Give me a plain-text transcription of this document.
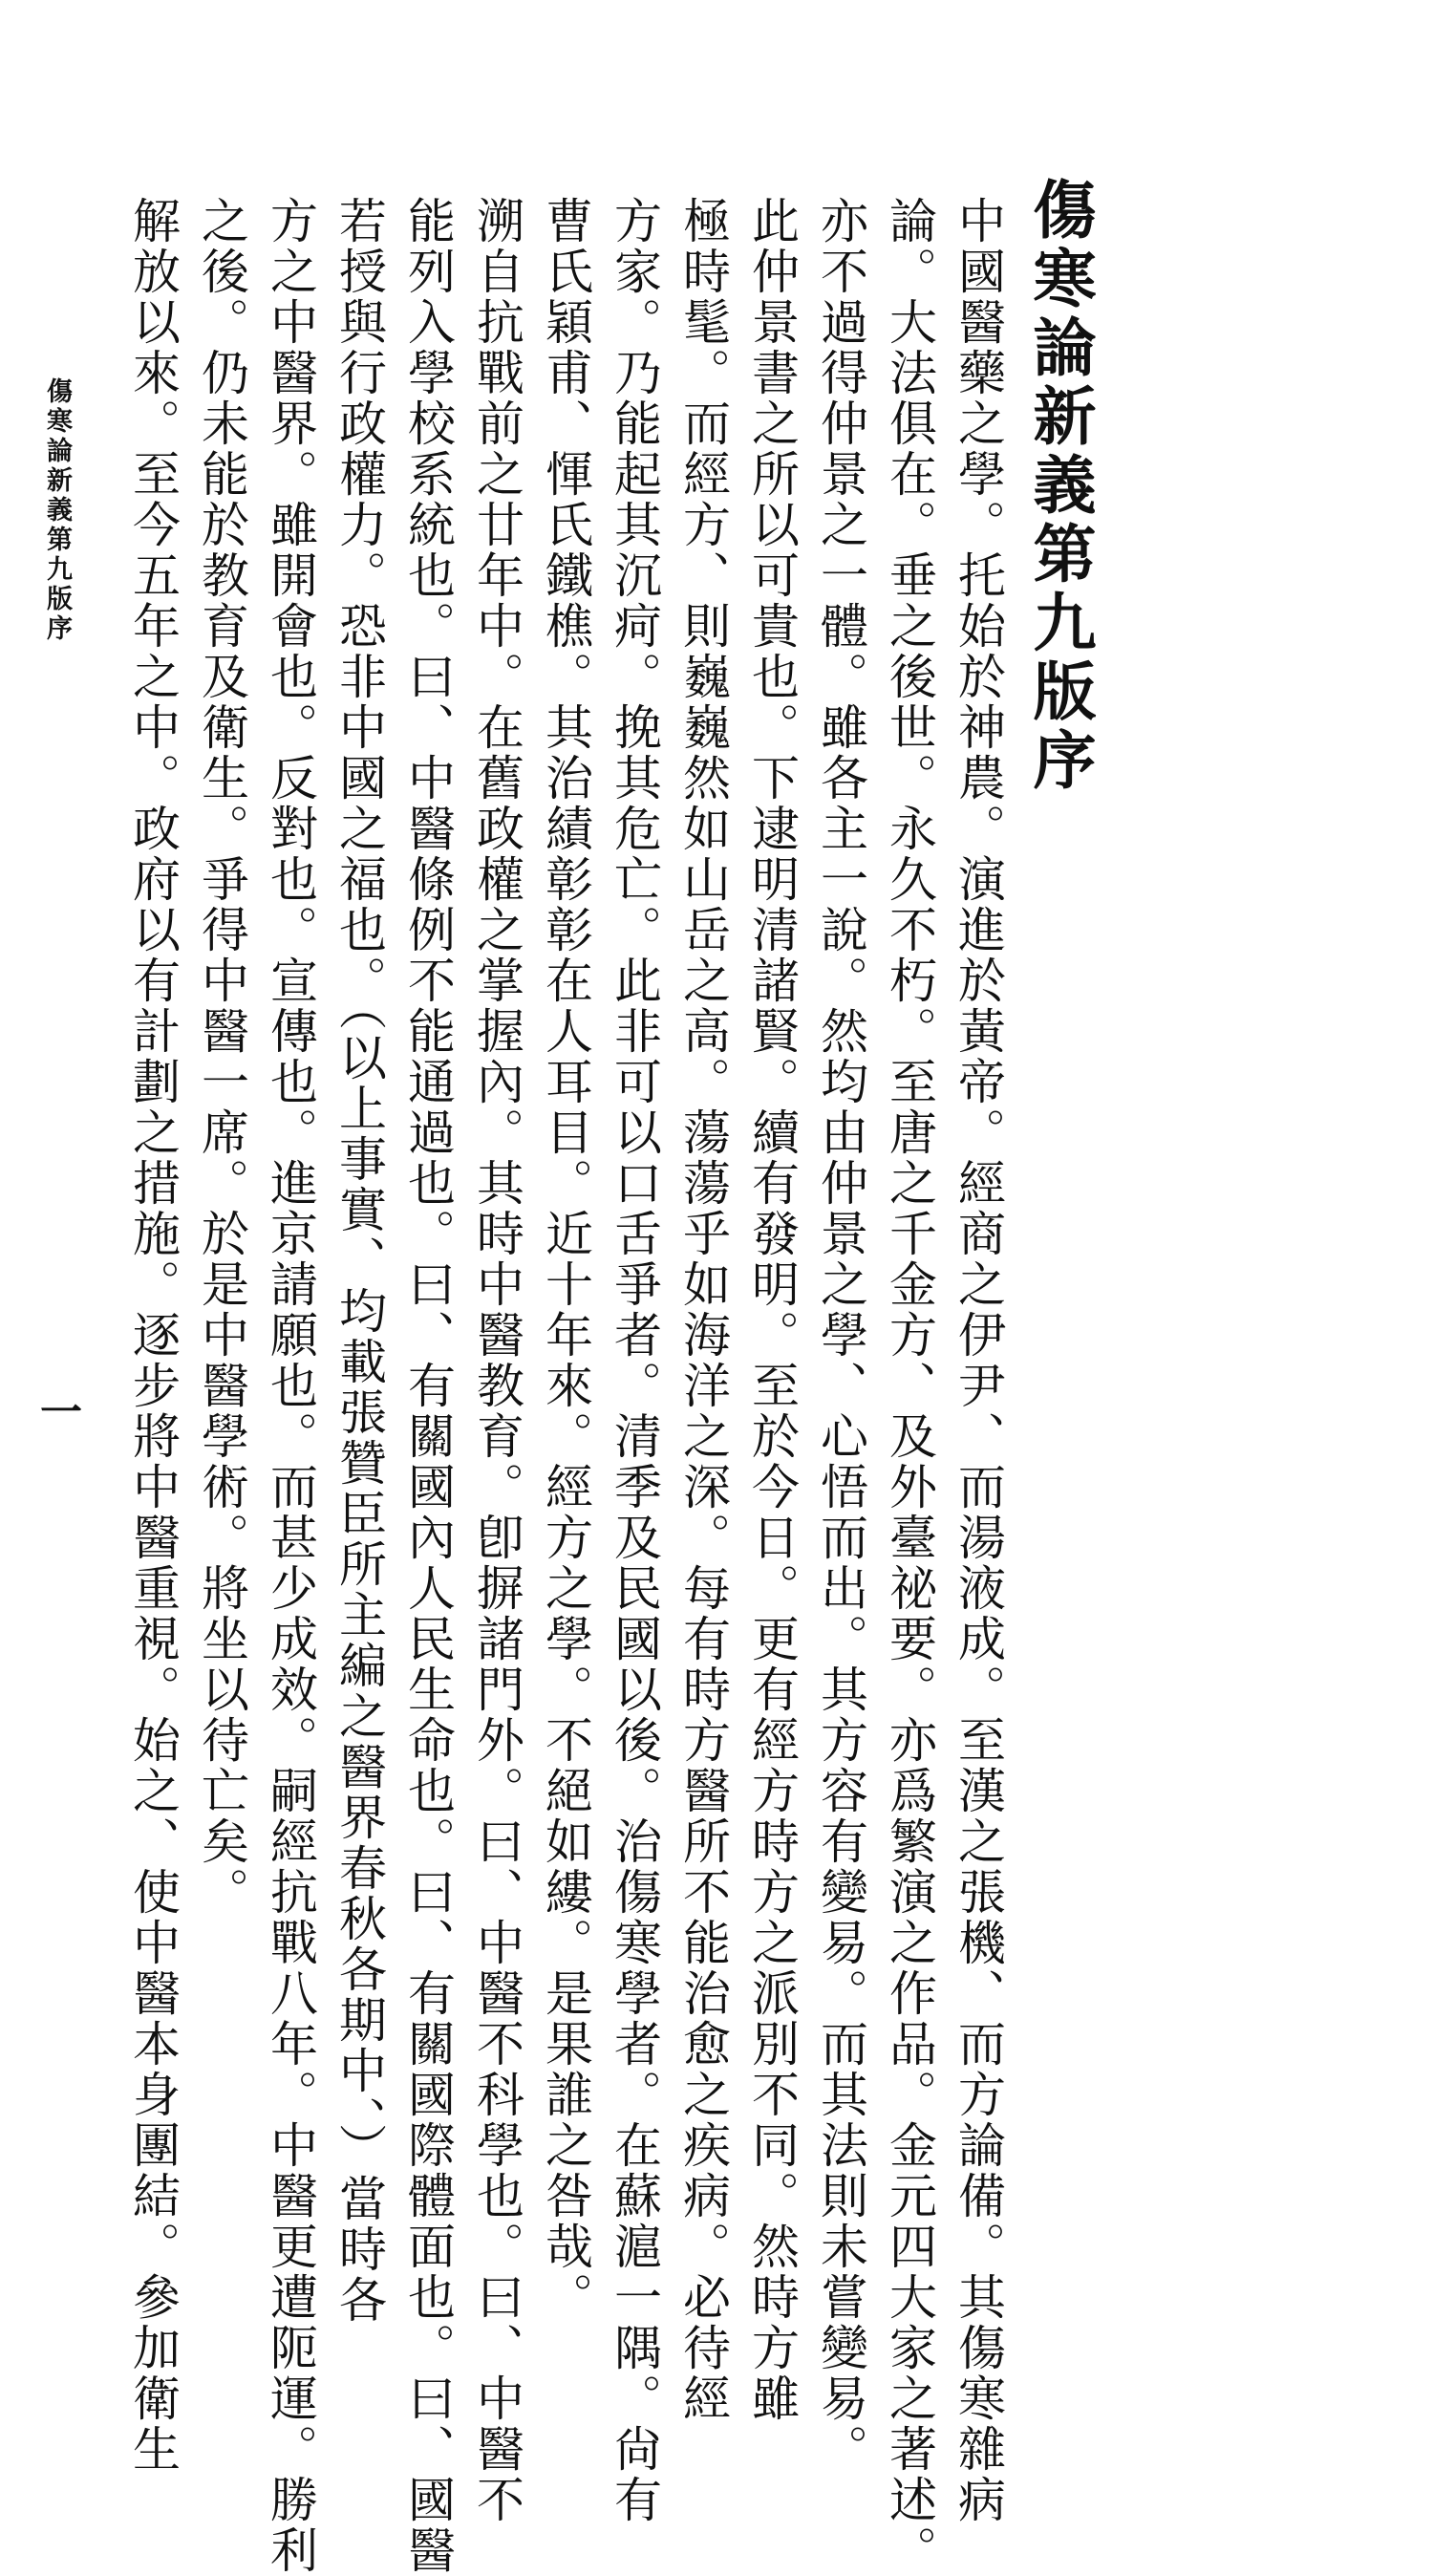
傷寒論新義第九版序
中國醫藥之學。托始於神農。演進於黃帝。經商之伊尹、而湯液成。至漢之張機、而方論備。其傷寒雜病
論。大法俱在。垂之後世。永久不朽。至唐之千金方、及外臺祕要。亦爲繁演之作品。金元四大家之著述。
亦不過得仲景之一體。雖各主一說。然均由仲景之學、心悟而出。其方容有變易。而其法則未嘗變易。
此仲景書之所以可貴也。下逮明清諸賢。續有發明。至於今日。更有經方時方之派別不同。然時方雖
極時髦。而經方、則巍巍然如山岳之高。蕩蕩乎如海洋之深。每有時方醫所不能治愈之疾病。必待經
方家。乃能起其沉疴。挽其危亡。此非可以口舌爭者。清季及民國以後。治傷寒學者。在蘇滬一隅。尙有
曹氏穎甫、惲氏鐵樵。其治績彰彰在人耳目。近十年來。經方之學。不絕如縷。是果誰之咎哉。
溯自抗戰前之廿年中。在舊政權之掌握內。其時中醫教育。卽摒諸門外。曰、中醫不科學也。曰、中醫不
能列入學校系統也。曰、中醫條例不能通過也。曰、有關國內人民生命也。曰、有關國際體面也。曰、國醫
若授與行政權力。恐非中國之福也。（以上事實、均載張贊臣所主編之醫界春秋各期中、）當時各
方之中醫界。雖開會也。反對也。宣傳也。進京請願也。而甚少成效。嗣經抗戰八年。中醫更遭阨運。勝利
之後。仍未能於教育及衛生。爭得中醫一席。於是中醫學術。將坐以待亡矣。
解放以來。至今五年之中。政府以有計劃之措施。逐步將中醫重視。始之、使中醫本身團結。參加衛生
傷寒論新義第九版序
一
